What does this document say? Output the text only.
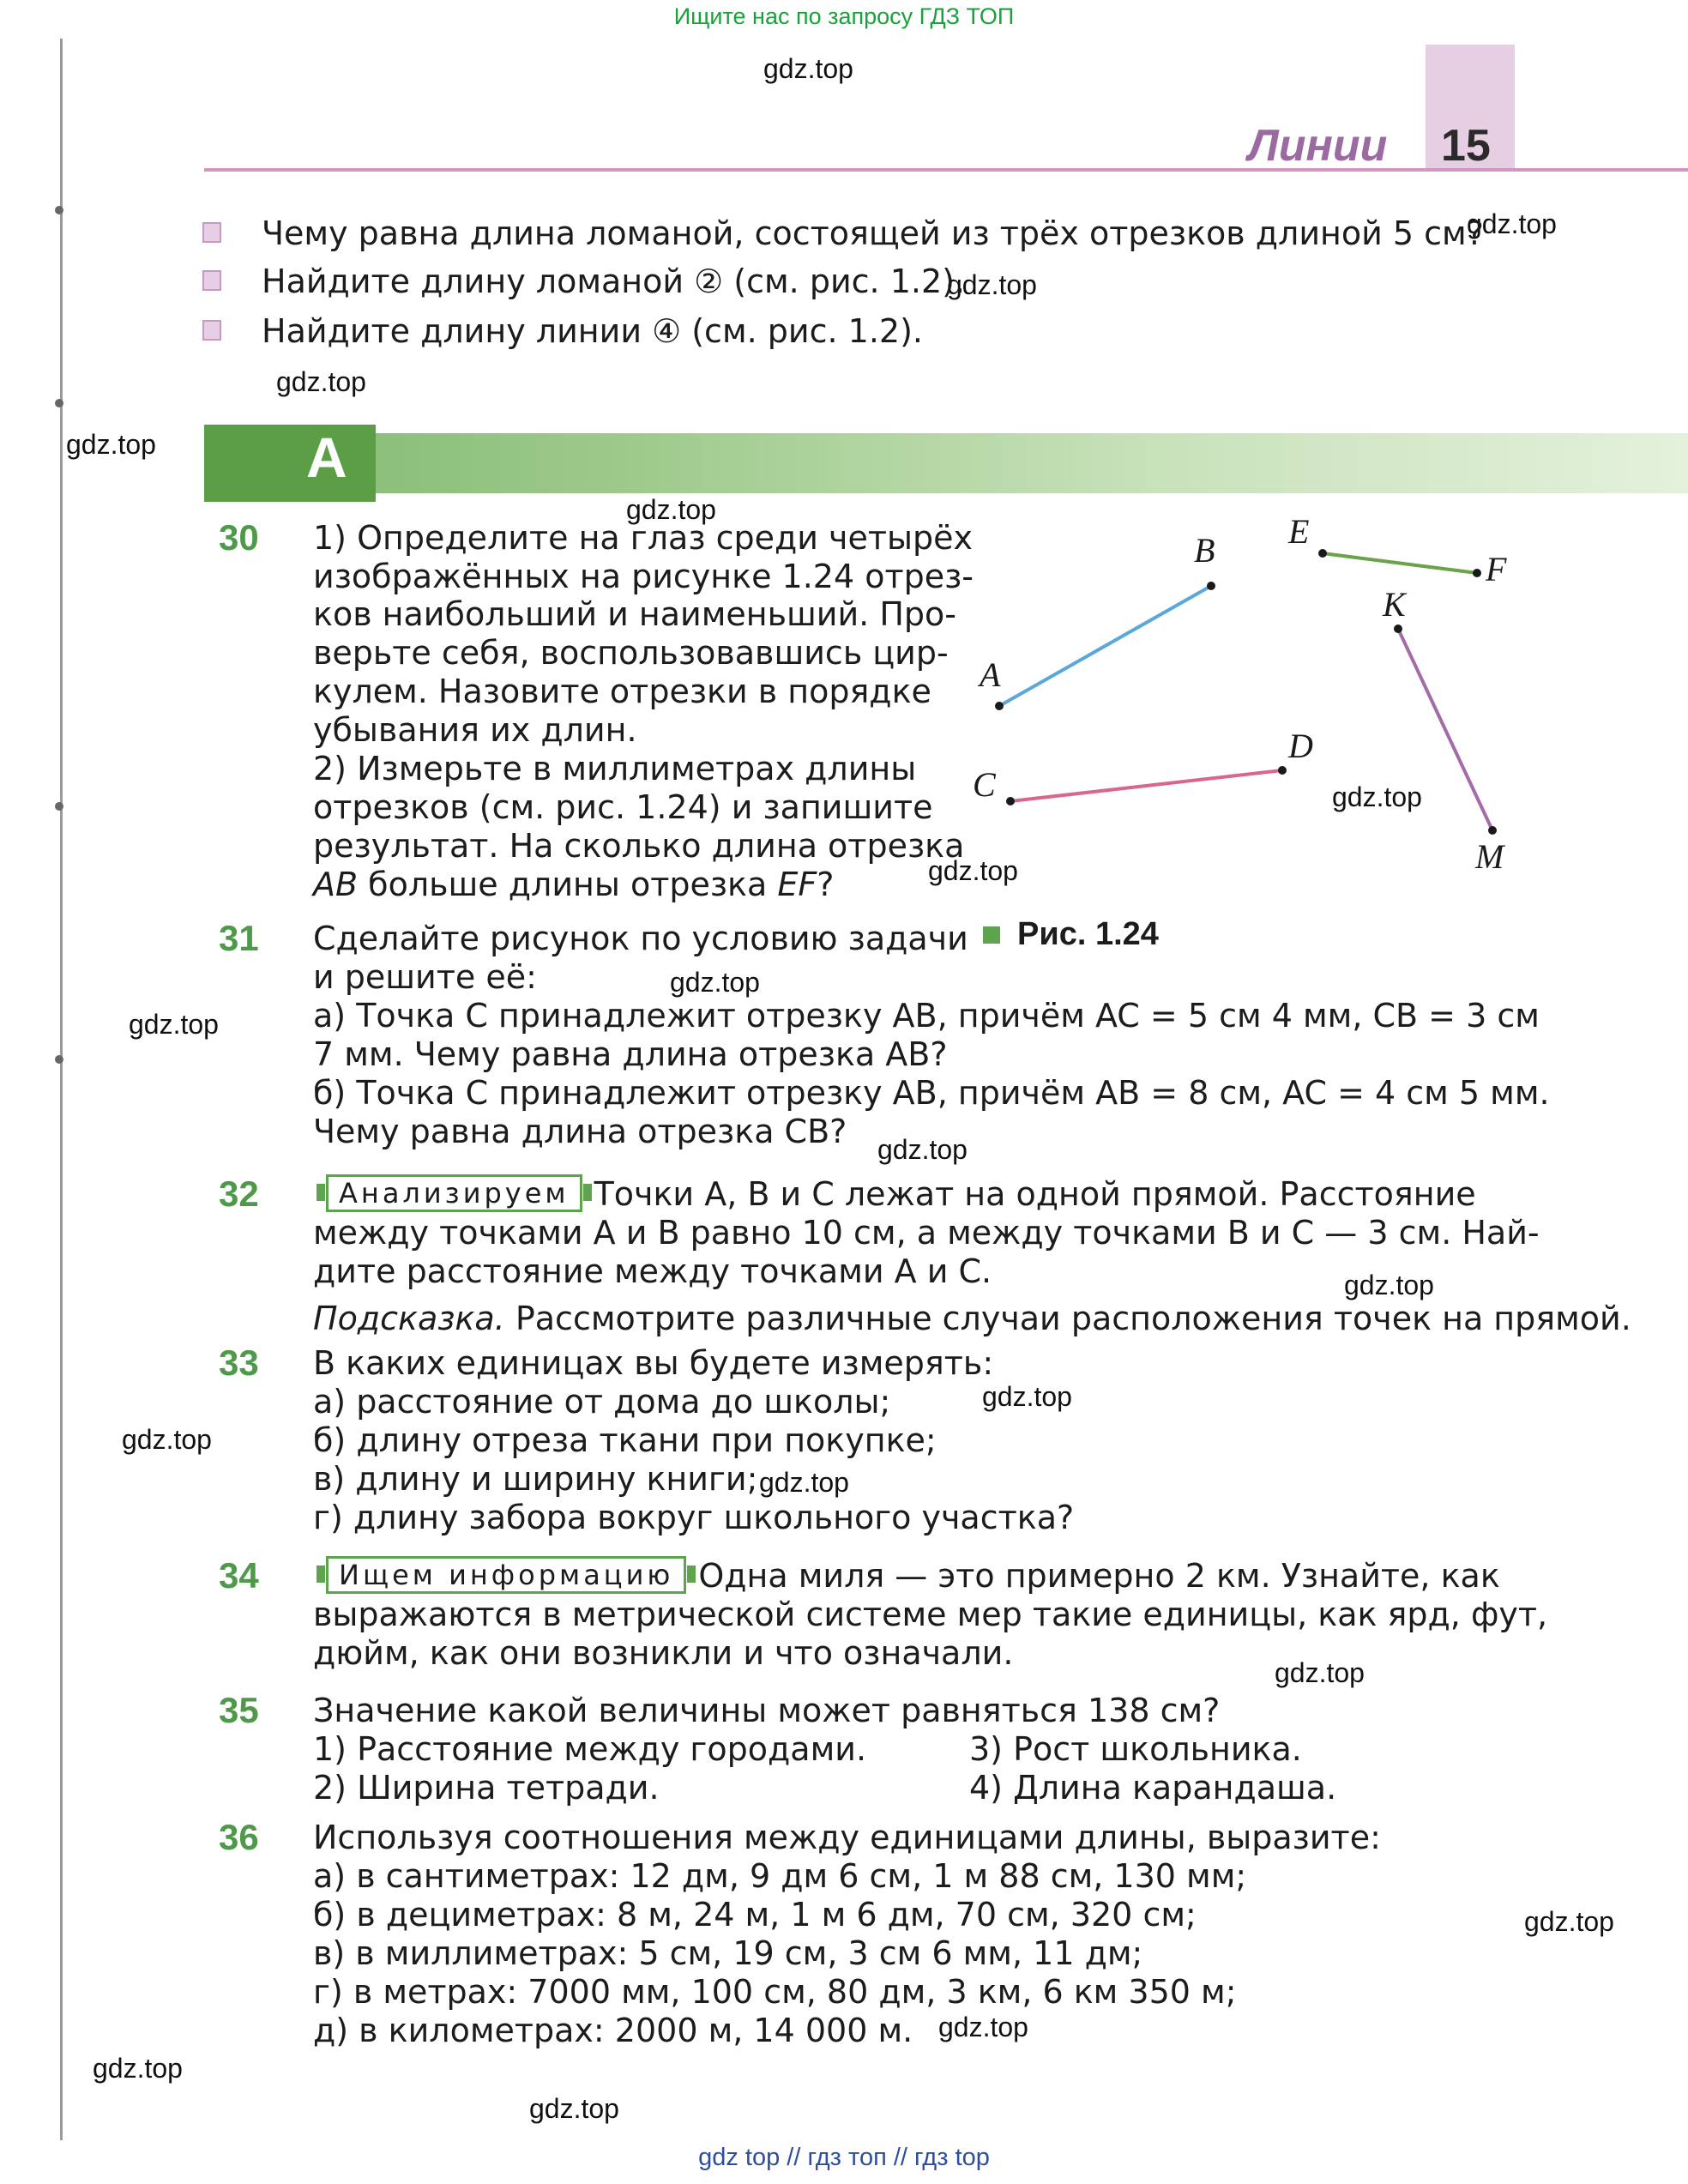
Ищите нас по запросу ГДЗ ТОП
gdz top // гдз топ // гдз top
Линии 15
gdz.top
gdz.top
gdz.top
gdz.top
gdz.top
gdz.top
gdz.top
gdz.top
gdz.top
gdz.top
gdz.top
gdz.top
gdz.top
gdz.top
gdz.top
gdz.top
gdz.top
gdz.top
gdz.top
gdz.top
Чему равна длина ломаной, состоящей из трёх отрезков длиной 5 см?
Найдите длину ломаной ② (см. рис. 1.2).
Найдите длину линии ④ (см. рис. 1.2).
А
30 1) Определите на глаз среди четырёх
изображённых на рисунке 1.24 отрез-
ков наибольший и наименьший. Про-
верьте себя, воспользовавшись цир-
кулем. Назовите отрезки в порядке
убывания их длин.
2) Измерьте в миллиметрах длины
отрезков (см. рис. 1.24) и запишите
результат. На сколько длина отрезка
AB больше длины отрезка EF?
A
B
C
D
E
F
K
M
Рис. 1.24
31 Сделайте рисунок по условию задачи
и решите её:
а) Точка C принадлежит отрезку AB, причём AC = 5 см 4 мм, CB = 3 см
7 мм. Чему равна длина отрезка AB?
б) Точка C принадлежит отрезку AB, причём AB = 8 см, AC = 4 см 5 мм.
Чему равна длина отрезка CB?
32	Анализируем Точки A, B и C лежат на одной прямой. Расстояние
между точками A и B равно 10 см, а между точками B и C — 3 см. Най-
дите расстояние между точками A и C.
Подсказка. Рассмотрите различные случаи расположения точек на прямой.
33 В каких единицах вы будете измерять:
а) расстояние от дома до школы;
б) длину отреза ткани при покупке;
в) длину и ширину книги;
г) длину забора вокруг школьного участка?
34	Ищем информацию Одна миля — это примерно 2 км. Узнайте, как
выражаются в метрической системе мер такие единицы, как ярд, фут,
дюйм, как они возникли и что означали.
35 Значение какой величины может равняться 138 см?
1) Расстояние между городами.
2) Ширина тетради.
3) Рост школьника.
4) Длина карандаша.
36 Используя соотношения между единицами длины, выразите:
а) в сантиметрах: 12 дм, 9 дм 6 см, 1 м 88 см, 130 мм;
б) в дециметрах: 8 м, 24 м, 1 м 6 дм, 70 см, 320 см;
в) в миллиметрах: 5 см, 19 см, 3 см 6 мм, 11 дм;
г) в метрах: 7000 мм, 100 см, 80 дм, 3 км, 6 км 350 м;
д) в километрах: 2000 м, 14 000 м.
